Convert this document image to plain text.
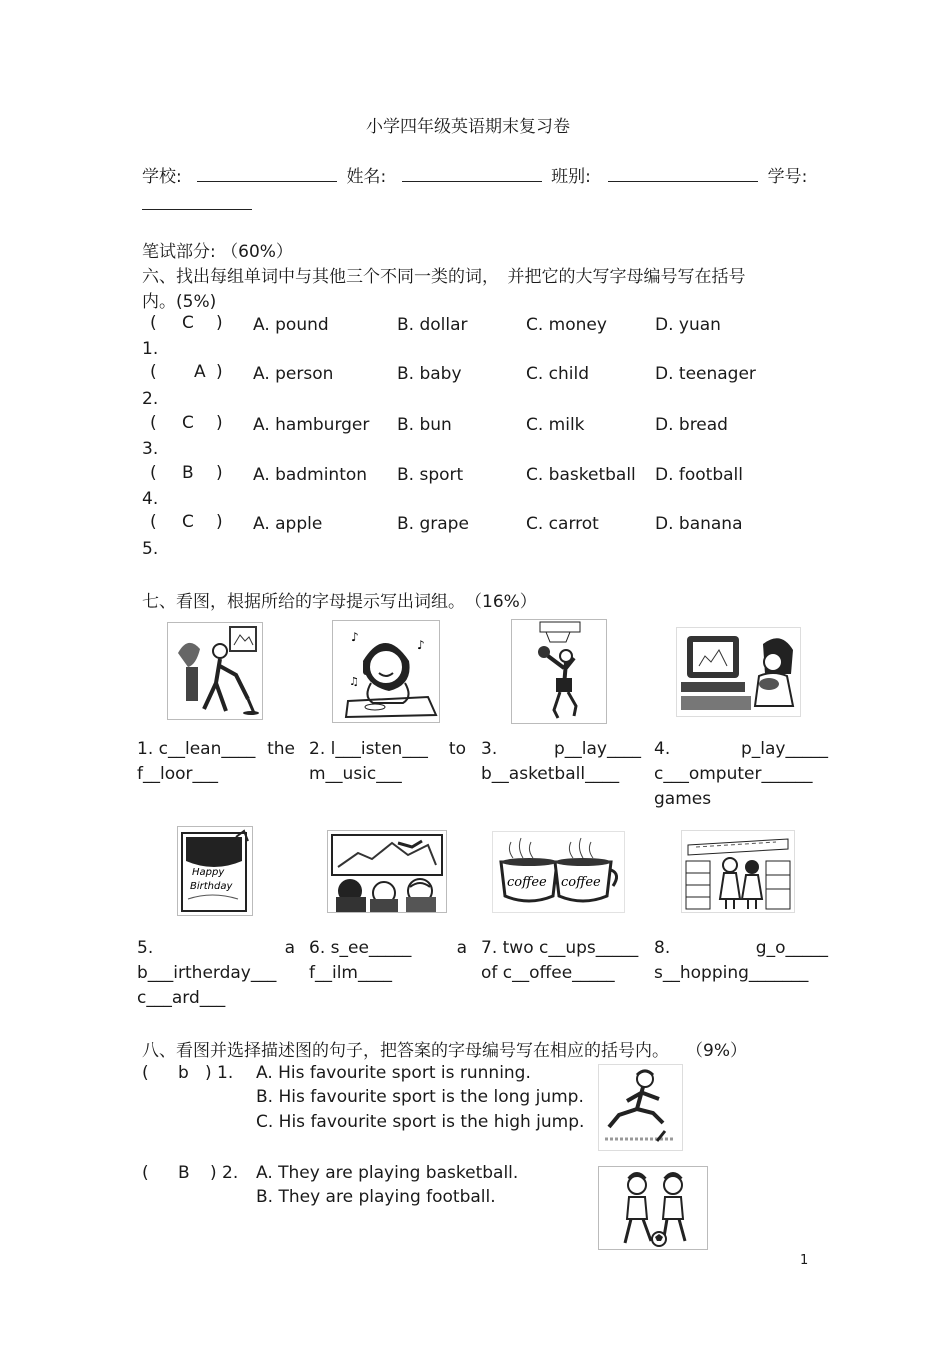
小学四年级英语期末复习卷
学校:	姓名:	班别:	学号:
笔试部分: （60%）
六、找出每组单词中与其他三个不同一类的词，　并把它的大写字母编号写在括号
内。(5%)
( C )
1.
A. pound	B. dollar	C. money	D. yuan
( A )
2.
A. person	B. baby	C. child	D. teenager
( C )
3.
A. hamburger B. bun	C. milk	D. bread
( B )
4.
A. badminton B. sport	C. basketball D. football
( C )
5.
A. apple	B. grape	C. carrot	D. banana
七、看图，根据所给的字母提示写出词组。　（16%）
♪
♪
♫
1. c__lean____ the
f__loor___
2. l___isten___ to
m__usic___
3.	p__lay____
b__asketball____
4.	p_lay_____
c___omputer______
games
Happy
Birthday	coffee coffee
5.	a
b___irtherday___
c___ard___
6. s_ee_____	a
f__ilm____
7. two c__ups_____
of c__offee_____
8.	g_o_____
s__hopping_______
八、看图并选择描述图的句子，把答案的字母编号写在相应的括号内。　　（9%）
( b ) 1. A. His favourite sport is running.
B. His favourite sport is the long jump.
C. His favourite sport is the high jump.
( B ) 2. A. They are playing basketball.
B. They are playing football.
1
